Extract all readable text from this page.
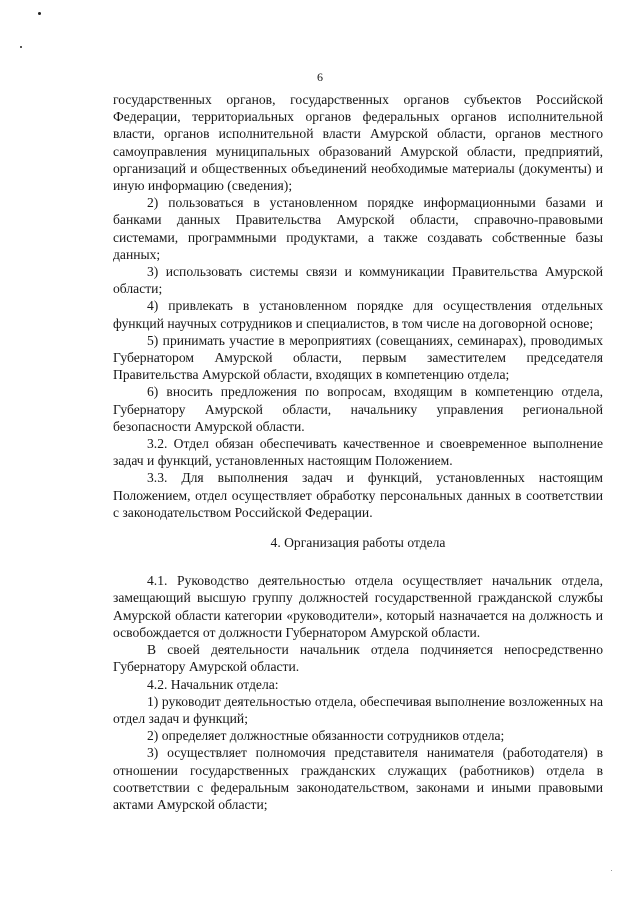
6

государственных органов, государственных органов субъектов Российской Федерации, территориальных органов федеральных органов исполнительной власти, органов исполнительной власти Амурской области, органов местного самоуправления муниципальных образований Амурской области, предприятий, организаций и общественных объединений необходимые материалы (документы) и иную информацию (сведения);

2) пользоваться в установленном порядке информационными базами и банками данных Правительства Амурской области, справочно-правовыми системами, программными продуктами, а также создавать собственные базы данных;

3) использовать системы связи и коммуникации Правительства Амурской области;

4) привлекать в установленном порядке для осуществления отдельных функций научных сотрудников и специалистов, в том числе на договорной основе;

5) принимать участие в мероприятиях (совещаниях, семинарах), проводимых Губернатором Амурской области, первым заместителем председателя Правительства Амурской области, входящих в компетенцию отдела;

6) вносить предложения по вопросам, входящим в компетенцию отдела, Губернатору Амурской области, начальнику управления региональной безопасности Амурской области.

3.2. Отдел обязан обеспечивать качественное и своевременное выполнение задач и функций, установленных настоящим Положением.

3.3. Для выполнения задач и функций, установленных настоящим Положением, отдел осуществляет обработку персональных данных в соответствии с законодательством Российской Федерации.

4. Организация работы отдела

4.1. Руководство деятельностью отдела осуществляет начальник отдела, замещающий высшую группу должностей государственной гражданской службы Амурской области категории «руководители», который назначается на должность и освобождается от должности Губернатором Амурской области.

В своей деятельности начальник отдела подчиняется непосредственно Губернатору Амурской области.

4.2. Начальник отдела:

1) руководит деятельностью отдела, обеспечивая выполнение возложенных на отдел задач и функций;

2) определяет должностные обязанности сотрудников отдела;

3) осуществляет полномочия представителя нанимателя (работодателя) в отношении государственных гражданских служащих (работников) отдела в соответствии с федеральным законодательством, законами и иными правовыми актами Амурской области;
